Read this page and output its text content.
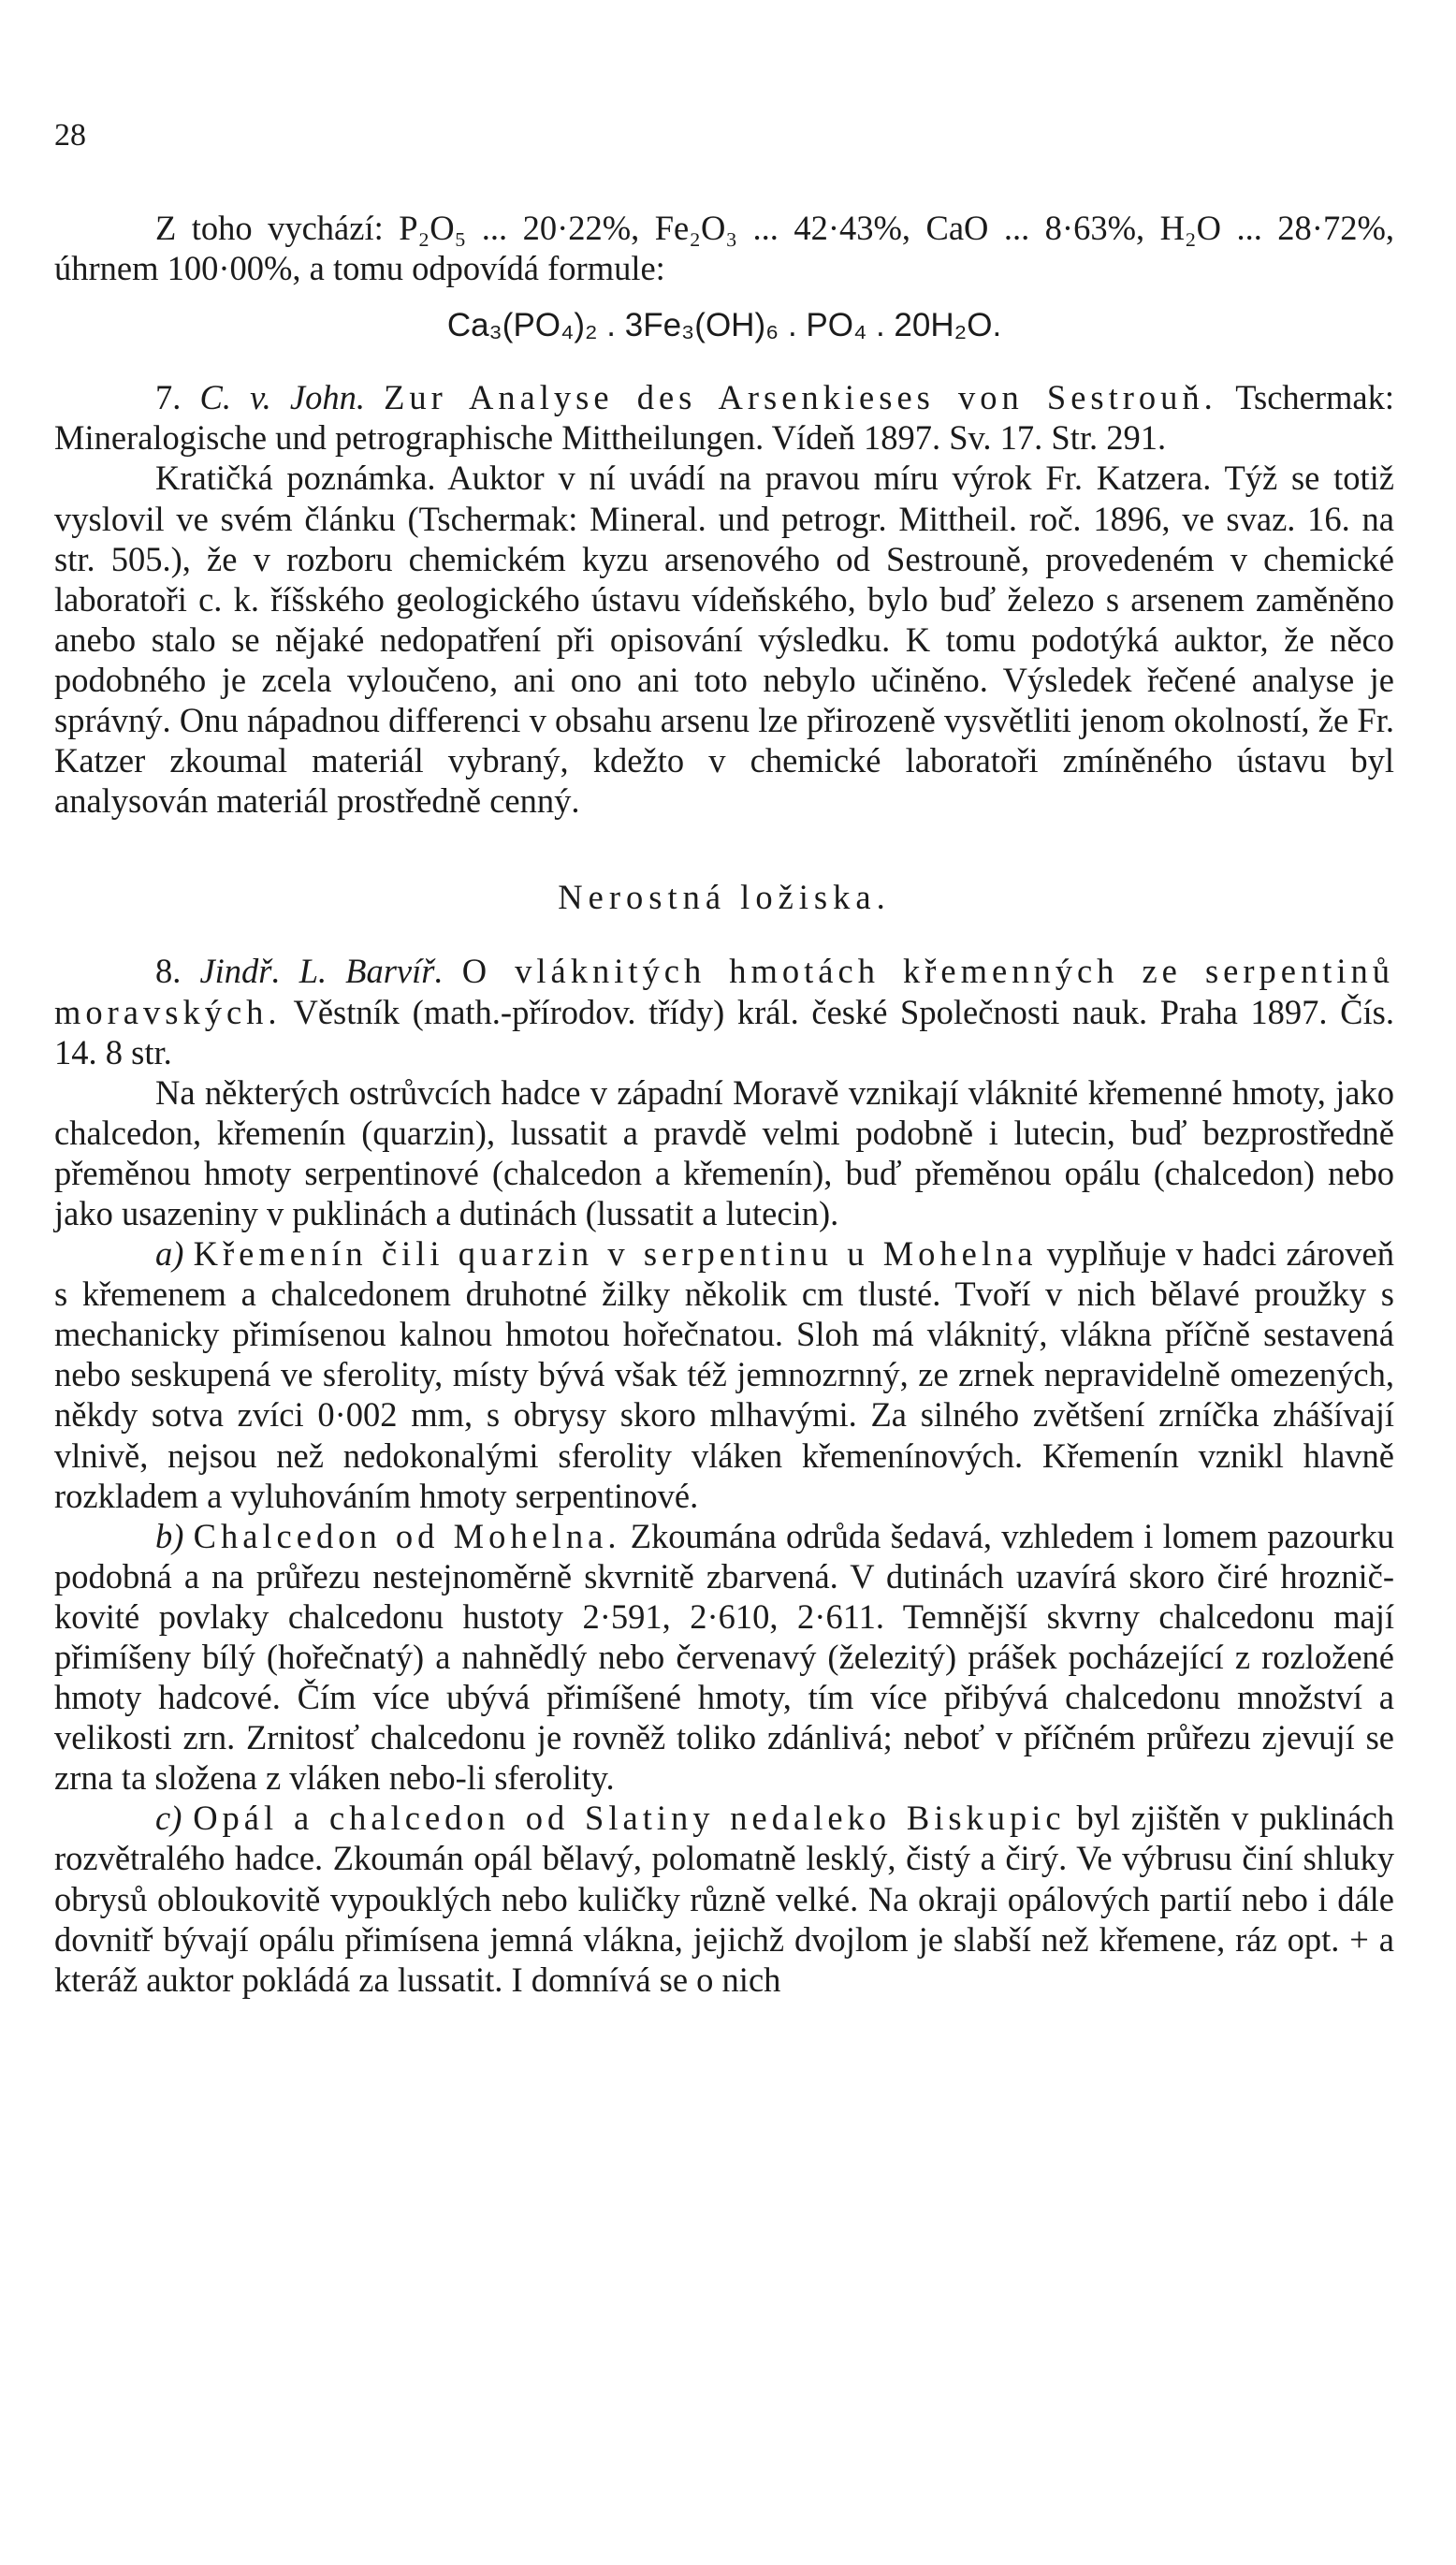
28

Z toho vychází: P₂O₅ ... 20·22%, Fe₂O₃ ... 42·43%, CaO ... 8·63%, H₂O ... 28·72%, úhrnem 100·00%, a tomu odpovídá formule:

Ca₃(PO₄)₂ . 3Fe₃(OH)₆ . PO₄ . 20H₂O.

7. C. v. John. Zur Analyse des Arsenkieses von Sestrouň. Tschermak: Mineralogische und petrographische Mittheilungen. Vídeň 1897. Sv. 17. Str. 291.

Kratičká poznámka. Auktor v ní uvádí na pravou míru výrok Fr. Katzera. Týž se totiž vyslovil ve svém článku (Tschermak: Mineral. und petrogr. Mittheil. roč. 1896, ve svaz. 16. na str. 505.), že v rozboru chemickém kyzu arsenového od Sestrouně, provedeném v chemické laboratoři c. k. říšského geologického ústavu vídeňského, bylo buď železo s arsenem zaměněno anebo stalo se nějaké nedopatření při opisování výsledku. K tomu podotýká auktor, že něco podobného je zcela vyloučeno, ani ono ani toto nebylo učiněno. Výsledek řečené analyse je správný. Onu nápadnou differenci v obsahu arsenu lze přirozeně vysvětliti jenom okolností, že Fr. Katzer zkoumal materiál vybraný, kdežto v chemické laboratoři zmíněného ústavu byl analysován materiál prostředně cenný.

Nerostná ložiska.

8. Jindř. L. Barvíř. O vláknitých hmotách křemenných ze serpentinů moravských. Věstník (math.-přírodov. třídy) král. české Společnosti nauk. Praha 1897. Čís. 14. 8 str.

Na některých ostrůvcích hadce v západní Moravě vznikají vláknité křemenné hmoty, jako chalcedon, křemenín (quarzin), lussatit a pravdě velmi podobně i lutecin, buď bezprostředně přeměnou hmoty serpentinové (chalcedon a křemenín), buď přeměnou opálu (chalcedon) nebo jako usazeniny v puklinách a dutinách (lussatit a lutecin).

a) Křemenín čili quarzin v serpentinu u Mohelna vyplňuje v hadci zároveň s křemenem a chalcedonem druhotné žilky několik cm tlusté. Tvoří v nich bělavé proužky s mechanicky přimísenou kalnou hmotou hořečnatou. Sloh má vláknitý, vlákna příčně sestavená nebo seskupená ve sferolity, místy bývá však též jemnozrnný, ze zrnek nepravidelně omezených, někdy sotva zvíci 0·002 mm, s obrysy skoro mlhavými. Za silného zvětšení zrníčka zhášívají vlnivě, nejsou než nedokonalými sferolity vláken křemenínových. Křemenín vznikl hlavně rozkladem a vyluhováním hmoty serpentinové.

b) Chalcedon od Mohelna. Zkoumána odrůda šedavá, vzhledem i lomem pazourku podobná a na průřezu nestejnoměrně skvrnitě zbarvená. V dutinách uzavírá skoro čiré hrozničkovité povlaky chalcedonu hustoty 2·591, 2·610, 2·611. Temnější skvrny chalcedonu mají přimíšeny bílý (hořečnatý) a nahnědlý nebo červenavý (železitý) prášek pocházející z rozložené hmoty hadcové. Čím více ubývá přimíšené hmoty, tím více přibývá chalcedonu množství a velikosti zrn. Zrnitosť chalcedonu je rovněž toliko zdánlivá; neboť v příčném průřezu zjevují se zrna ta složena z vláken nebo-li sferolity.

c) Opál a chalcedon od Slatiny nedaleko Biskupic byl zjištěn v puklinách rozvětralého hadce. Zkoumán opál bělavý, polomatně lesklý, čistý a čirý. Ve výbrusu činí shluky obrysů obloukovitě vypouklých nebo kuličky různě velké. Na okraji opálových partií nebo i dále dovnitř bývají opálu přimísena jemná vlákna, jejichž dvojlom je slabší než křemene, ráz opt. + a kteráž auktor pokládá za lussatit. I domnívá se o nich
